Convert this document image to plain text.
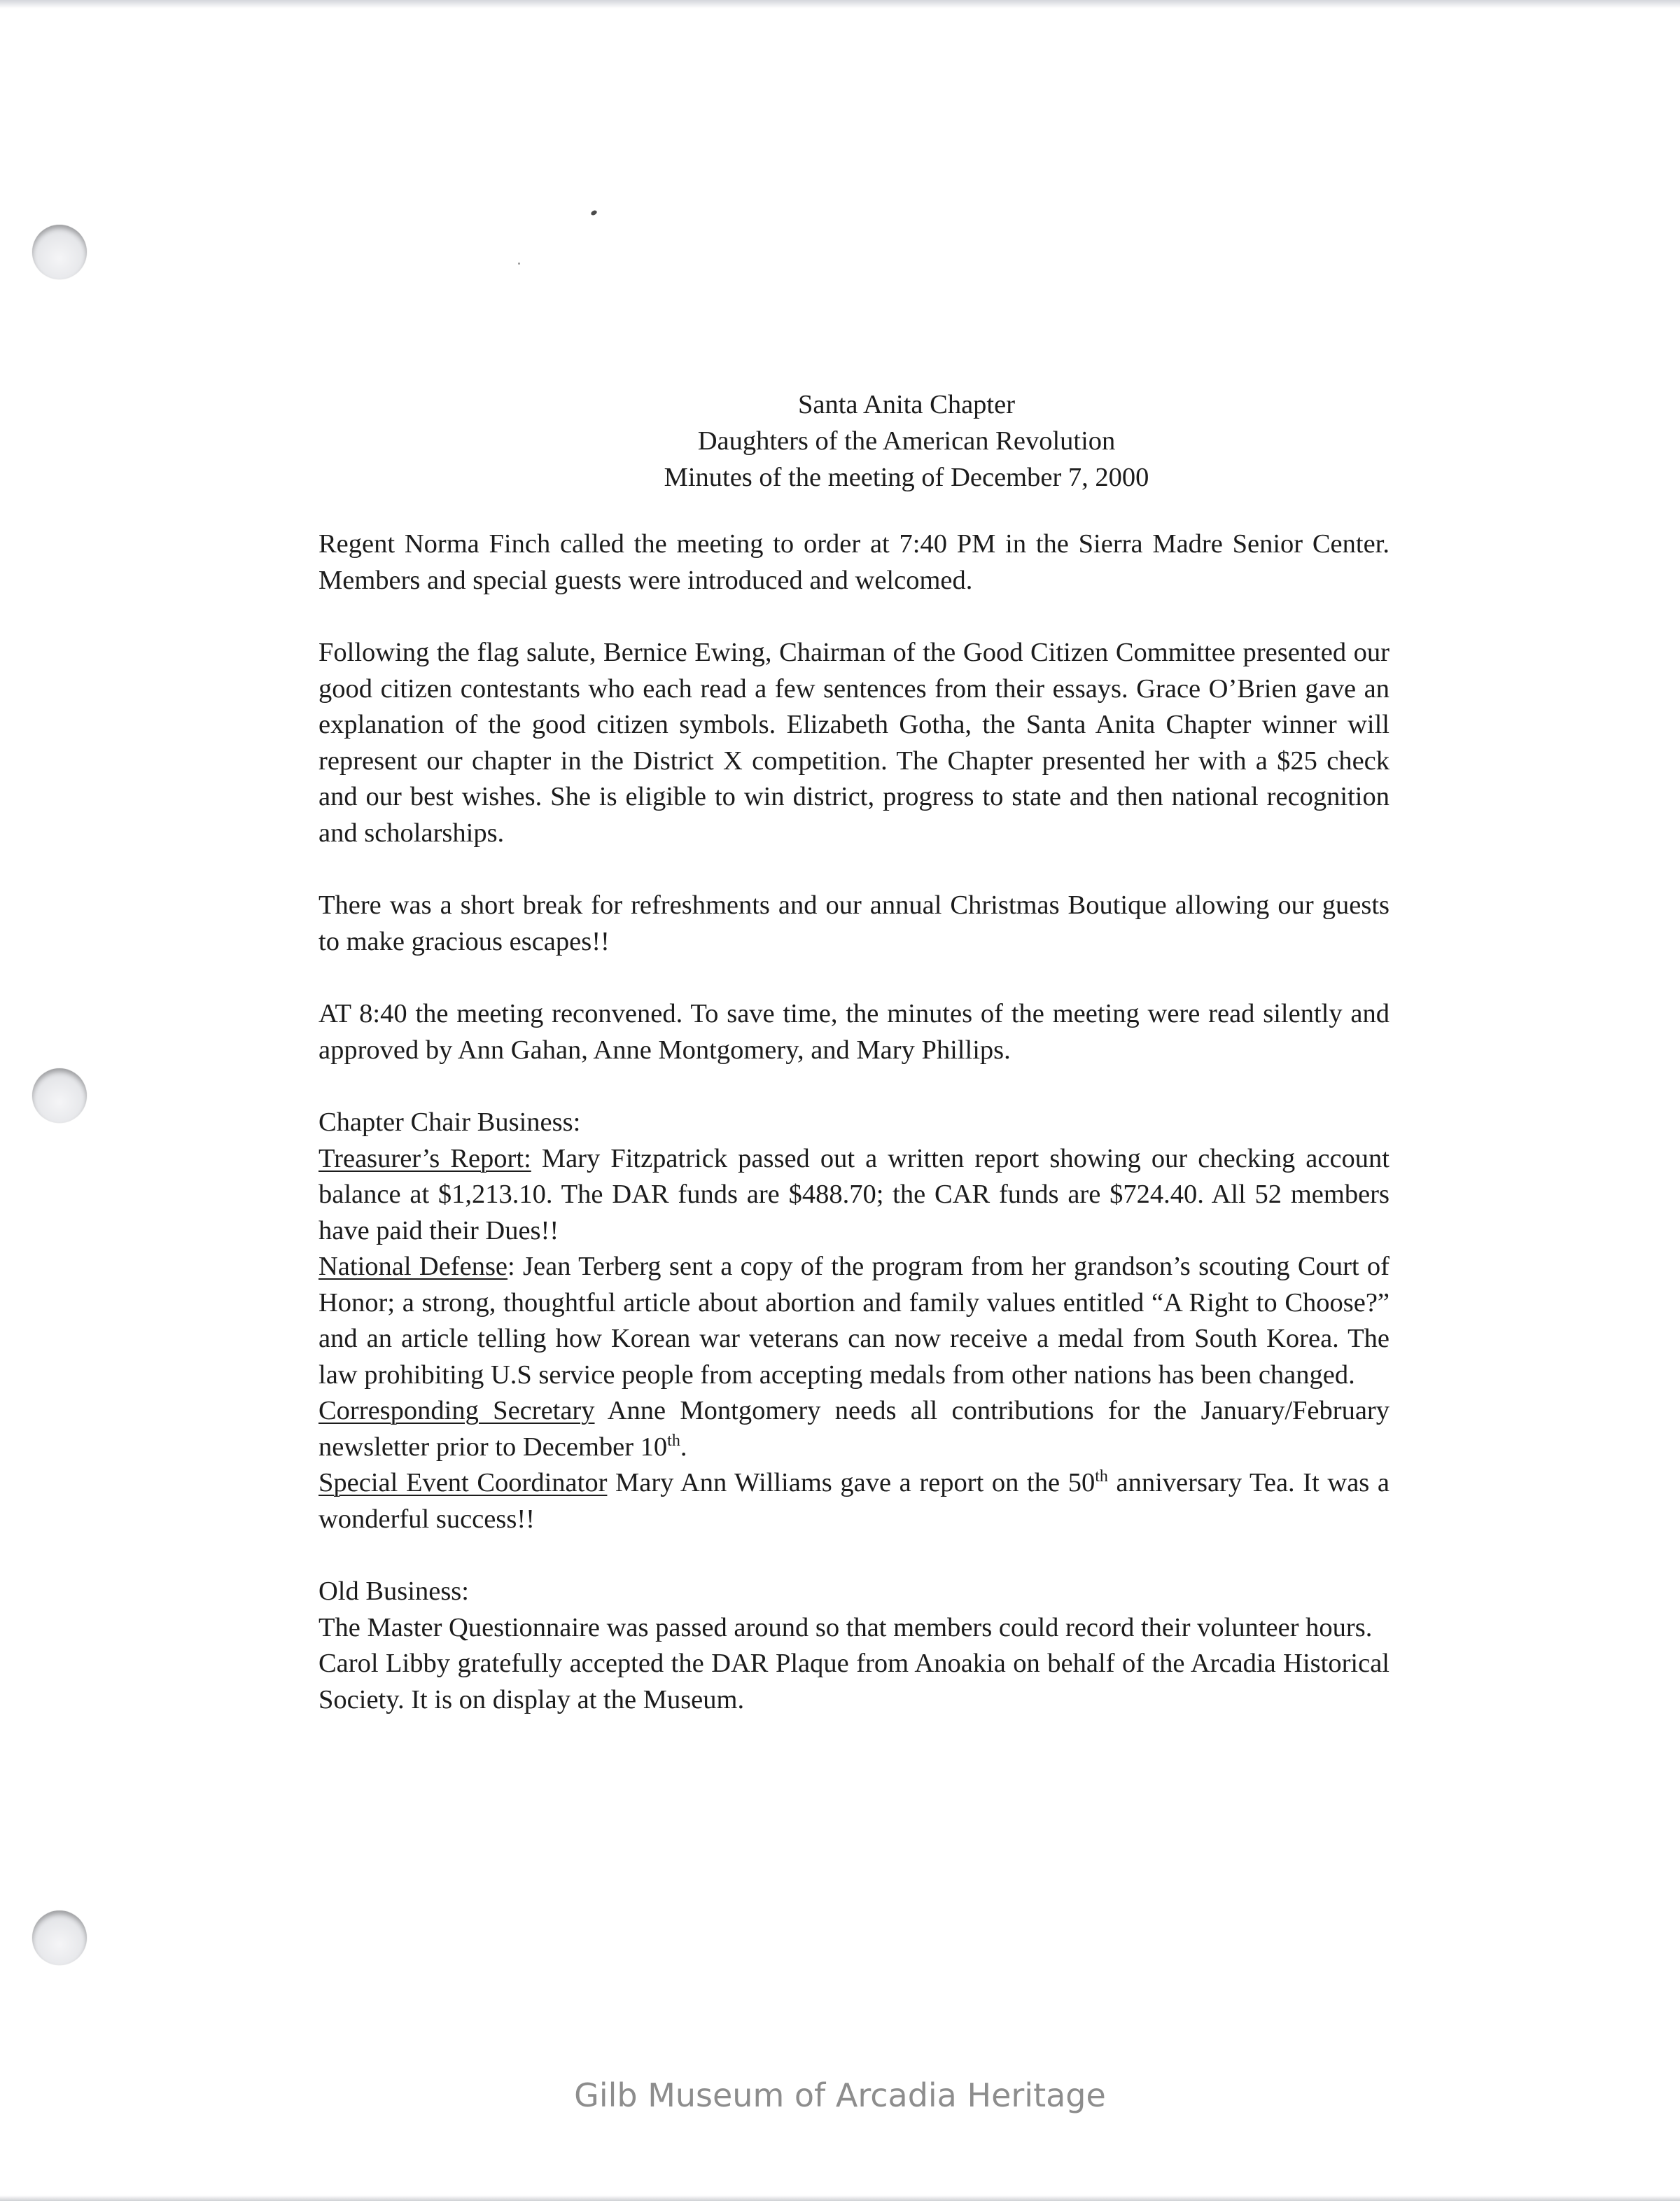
Santa Anita Chapter
Daughters of the American Revolution
Minutes of the meeting of December 7, 2000

Regent Norma Finch called the meeting to order at 7:40 PM in the Sierra Madre Senior Center. Members and special guests were introduced and welcomed.

Following the flag salute, Bernice Ewing, Chairman of the Good Citizen Committee presented our good citizen contestants who each read a few sentences from their essays. Grace O’Brien gave an explanation of the good citizen symbols. Elizabeth Gotha, the Santa Anita Chapter winner will represent our chapter in the District X competition. The Chapter presented her with a $25 check and our best wishes. She is eligible to win district, progress to state and then national recognition and scholarships.

There was a short break for refreshments and our annual Christmas Boutique allowing our guests to make gracious escapes!!

AT 8:40 the meeting reconvened. To save time, the minutes of the meeting were read silently and approved by Ann Gahan, Anne Montgomery, and Mary Phillips.

Chapter Chair Business:

Treasurer’s Report: Mary Fitzpatrick passed out a written report showing our checking account balance at $1,213.10. The DAR funds are $488.70; the CAR funds are $724.40. All 52 members have paid their Dues!!

National Defense: Jean Terberg sent a copy of the program from her grandson’s scouting Court of Honor; a strong, thoughtful article about abortion and family values entitled “A Right to Choose?” and an article telling how Korean war veterans can now receive a medal from South Korea. The law prohibiting U.S service people from accepting medals from other nations has been changed.

Corresponding Secretary Anne Montgomery needs all contributions for the January/February newsletter prior to December 10th.

Special Event Coordinator Mary Ann Williams gave a report on the 50th anniversary Tea. It was a wonderful success!!

Old Business:

The Master Questionnaire was passed around so that members could record their volunteer hours.

Carol Libby gratefully accepted the DAR Plaque from Anoakia on behalf of the Arcadia Historical Society. It is on display at the Museum.

Gilb Museum of Arcadia Heritage
